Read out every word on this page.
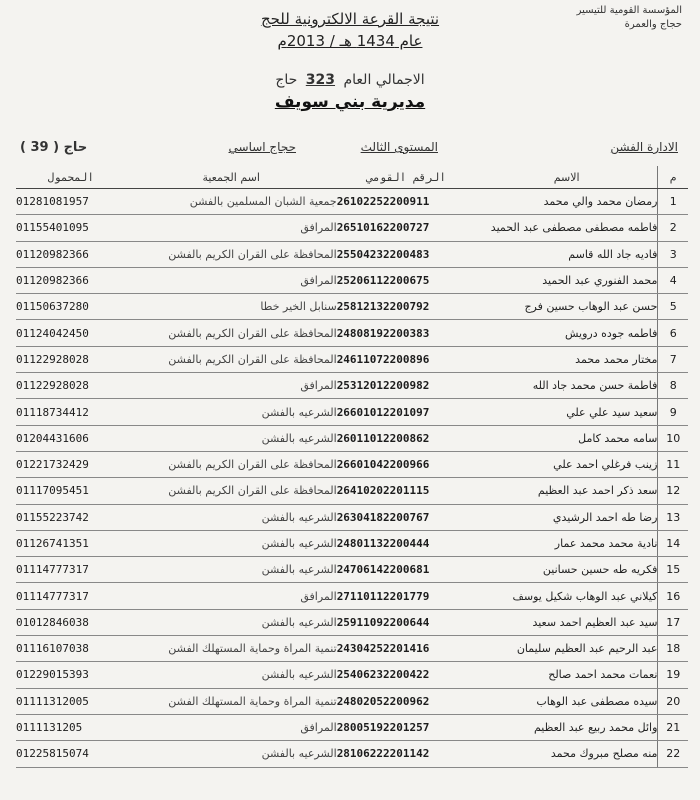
المؤسسة القومية للتيسير
حجاج والعمرة
نتيجة القرعة الالكترونية للحج
عام 1434 هـ / 2013م
الاجمالي العام 323 حاج
مديرية بني سويف
الادارة الفشن
المستوى الثالث
حجاج اساسي
( 39 ) حاج
المحمول	اسم الجمعية	الرقم القومي	الاسم	م
01281081957	جمعية الشبان المسلمين بالفشن	26102252200911	رمضان محمد والي محمد	1
01155401095	المرافق	26510162200727	فاطمه مصطفى مصطفى عبد الحميد	2
01120982366	المحافظة على القران الكريم بالفشن	25504232200483	فاديه جاد الله قاسم	3
01120982366	المرافق	25206112200675	محمد الفنوري عبد الحميد	4
01150637280	سنابل الخير خطا	25812132200792	حسن عبد الوهاب حسين فرج	5
01124042450	المحافظة على القران الكريم بالفشن	24808192200383	فاطمه جوده درويش	6
01122928028	المحافظة على القران الكريم بالفشن	24611072200896	مختار محمد محمد	7
01122928028	المرافق	25312012200982	فاطمة حسن محمد جاد الله	8
01118734412	الشرعيه بالفشن	26601012201097	سعيد سيد علي علي	9
01204431606	الشرعيه بالفشن	26011012200862	سامه محمد كامل	10
01221732429	المحافظة على القران الكريم بالفشن	26601042200966	زينب فرغلي احمد علي	11
01117095451	المحافظة على القران الكريم بالفشن	26410202201115	سعد ذكر احمد عبد العظيم	12
01155223742	الشرعيه بالفشن	26304182200767	رضا طه احمد الرشيدي	13
01126741351	الشرعيه بالفشن	24801132200444	نادية محمد محمد عمار	14
01114777317	الشرعيه بالفشن	24706142200681	فكريه طه حسين حسانين	15
01114777317	المرافق	27110112201779	كيلاني عبد الوهاب شكيل يوسف	16
01012846038	الشرعيه بالفشن	25911092200644	سيد عبد العظيم احمد سعيد	17
01116107038	تنمية المراة وحماية المستهلك الفشن	24304252201416	عبد الرحيم عبد العظيم سليمان	18
01229015393	الشرعيه بالفشن	25406232200422	نعمات محمد احمد صالح	19
01111312005	تنمية المراة وحماية المستهلك الفشن	24802052200962	سيده مصطفى عبد الوهاب	20
0111131205	المرافق	28005192201257	وائل محمد ربيع عبد العظيم	21
01225815074	الشرعيه بالفشن	28106222201142	منه مصلح مبروك محمد	22
